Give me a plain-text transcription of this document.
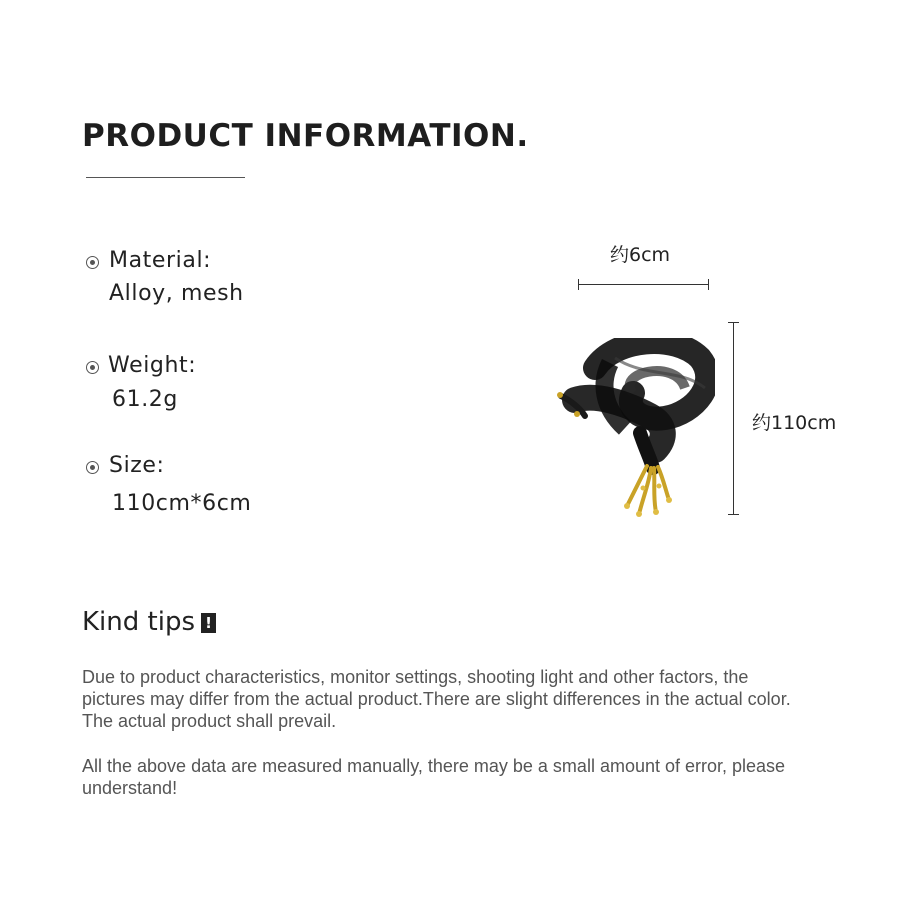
PRODUCT INFORMATION.
Material:
Alloy, mesh
Weight:
61.2g
Size:
110cm*6cm
约6cm
约110cm
Kind tips !

Due to product characteristics, monitor settings, shooting light and other factors, the pictures may differ from the actual product.There are slight differences in the actual color. The actual product shall prevail.

All the above data are measured manually, there may be a small amount of error, please understand!
